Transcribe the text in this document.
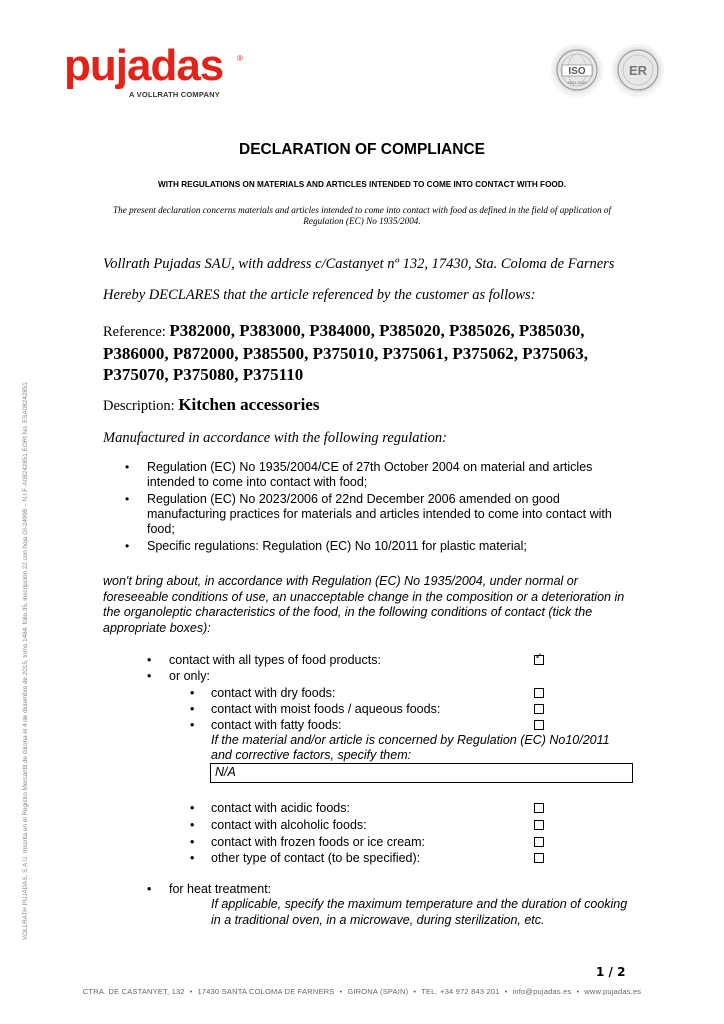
pujadas ®
A VOLLRATH COMPANY
ISO
9001:2015
ER
DECLARATION OF COMPLIANCE
WITH REGULATIONS ON MATERIALS AND ARTICLES INTENDED TO COME INTO CONTACT WITH FOOD.
The present declaration concerns materials and articles intended to come into contact with food as defined in the field of application of Regulation (EC) No 1935/2004.
Vollrath Pujadas SAU, with address c/Castanyet nº 132, 17430, Sta. Coloma de Farners
Hereby DECLARES that the article referenced by the customer as follows:
Reference: P382000, P383000, P384000, P385020, P385026, P385030, P386000, P872000, P385500, P375010, P375061, P375062, P375063, P375070, P375080, P375110
Description: Kitchen accessories
Manufactured in accordance with the following regulation:
• Regulation (EC) No 1935/2004/CE of 27th October 2004 on material and articles intended to come into contact with food;
• Regulation (EC) No 2023/2006 of 22nd December 2006 amended on good manufacturing practices for materials and articles intended to come into contact with food;
• Specific regulations: Regulation (EC) No 10/2011 for plastic material;
won't bring about, in accordance with Regulation (EC) No 1935/2004, under normal or foreseeable conditions of use, an unacceptable change in the composition or a deterioration in the organoleptic characteristics of the food, in the following conditions of contact (tick the appropriate boxes):
• contact with all types of food products:
✓
• or only:
• contact with dry foods:
• contact with moist foods / aqueous foods:
• contact with fatty foods:
If the material and/or article is concerned by Regulation (EC) No10/2011 and corrective factors, specify them:
N/A
• contact with acidic foods:
• contact with alcoholic foods:
• contact with frozen foods or ice cream:
• other type of contact (to be specified):
• for heat treatment:
If applicable, specify the maximum temperature and the duration of cooking in a traditional oven, in a microwave, during sterilization, etc.
1 / 2
CTRA. DE CASTANYET, 132 • 17430 SANTA COLOMA DE FARNERS • GIRONA (SPAIN) • TEL. +34 972 843 201 • info@pujadas.es • www.pujadas.es
VOLLRATH PUJADAS, S.A.U. Inscrita en el Registro Mercantil de Girona el 4 de diciembre de 2015, tomo 1484, folio 35, inscripción 22 con hoja GI-24999 – N.I.F. A08242851 EORI No. ESA08242851
